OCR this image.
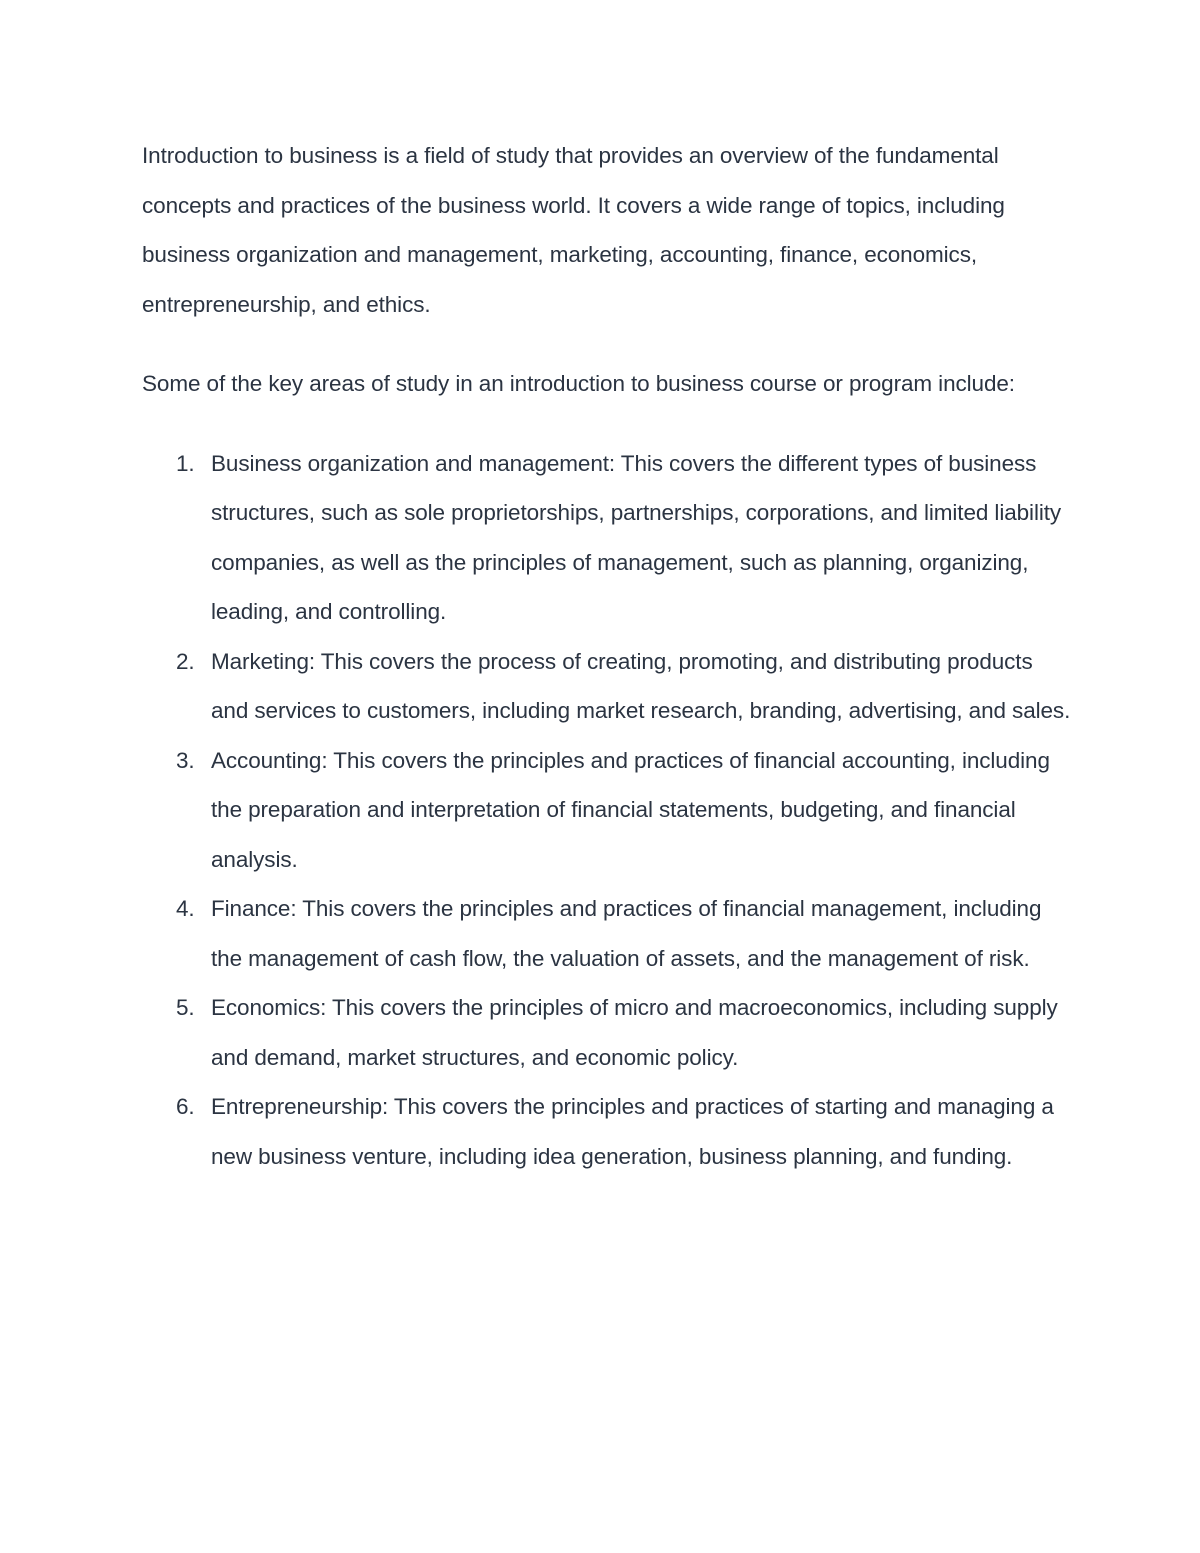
Introduction to business is a field of study that provides an overview of the fundamental concepts and practices of the business world. It covers a wide range of topics, including business organization and management, marketing, accounting, finance, economics, entrepreneurship, and ethics.

Some of the key areas of study in an introduction to business course or program include:

1. Business organization and management: This covers the different types of business structures, such as sole proprietorships, partnerships, corporations, and limited liability companies, as well as the principles of management, such as planning, organizing, leading, and controlling.
2. Marketing: This covers the process of creating, promoting, and distributing products and services to customers, including market research, branding, advertising, and sales.
3. Accounting: This covers the principles and practices of financial accounting, including the preparation and interpretation of financial statements, budgeting, and financial analysis.
4. Finance: This covers the principles and practices of financial management, including the management of cash flow, the valuation of assets, and the management of risk.
5. Economics: This covers the principles of micro and macroeconomics, including supply and demand, market structures, and economic policy.
6. Entrepreneurship: This covers the principles and practices of starting and managing a new business venture, including idea generation, business planning, and funding.
